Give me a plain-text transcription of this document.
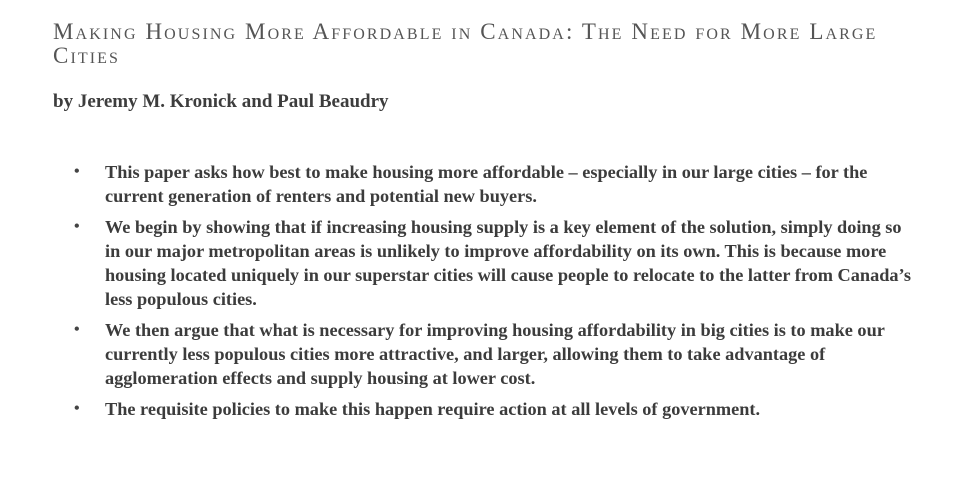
Making Housing More Affordable in Canada: The Need for More Large Cities

by Jeremy M. Kronick and Paul Beaudry

• This paper asks how best to make housing more affordable – especially in our large cities – for the current generation of renters and potential new buyers.
• We begin by showing that if increasing housing supply is a key element of the solution, simply doing so in our major metropolitan areas is unlikely to improve affordability on its own. This is because more housing located uniquely in our superstar cities will cause people to relocate to the latter from Canada’s less populous cities.
• We then argue that what is necessary for improving housing affordability in big cities is to make our currently less populous cities more attractive, and larger, allowing them to take advantage of agglomeration effects and supply housing at lower cost.
• The requisite policies to make this happen require action at all levels of government.
